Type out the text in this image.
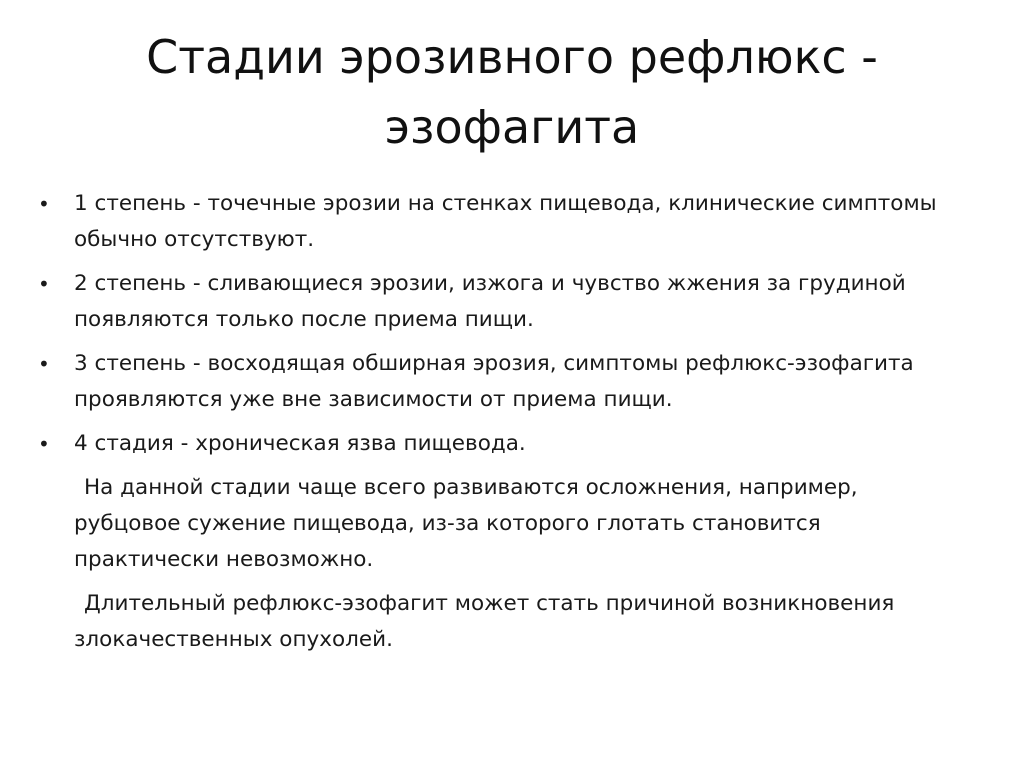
Стадии эрозивного рефлюкс -
эзофагита
• 1 степень - точечные эрозии на стенках пищевода, клинические симптомы
обычно отсутствуют.
• 2 степень - сливающиеся эрозии, изжога и чувство жжения за грудиной
появляются только после приема пищи.
• 3 степень - восходящая обширная эрозия, симптомы рефлюкс-эзофагита
проявляются уже вне зависимости от приема пищи.
• 4 стадия - хроническая язва пищевода.
На данной стадии чаще всего развиваются осложнения, например,
рубцовое сужение пищевода, из-за которого глотать становится
практически невозможно.
Длительный рефлюкс-эзофагит может стать причиной возникновения
злокачественных опухолей.
